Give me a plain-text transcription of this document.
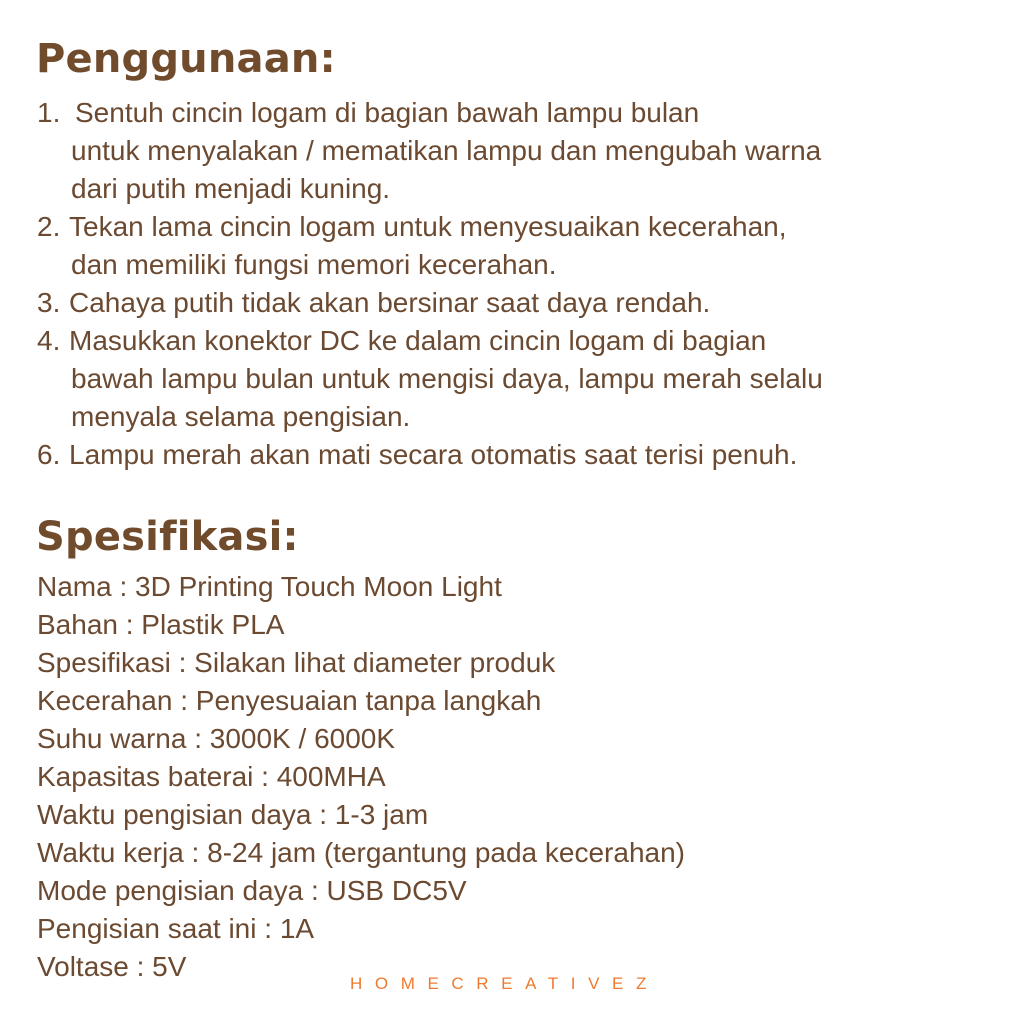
Penggunaan:
1. Sentuh cincin logam di bagian bawah lampu bulan
untuk menyalakan / mematikan lampu dan mengubah warna
dari putih menjadi kuning.
2. Tekan lama cincin logam untuk menyesuaikan kecerahan,
dan memiliki fungsi memori kecerahan.
3. Cahaya putih tidak akan bersinar saat daya rendah.
4. Masukkan konektor DC ke dalam cincin logam di bagian
bawah lampu bulan untuk mengisi daya, lampu merah selalu
menyala selama pengisian.
6. Lampu merah akan mati secara otomatis saat terisi penuh.
Spesifikasi:
Nama : 3D Printing Touch Moon Light
Bahan : Plastik PLA
Spesifikasi : Silakan lihat diameter produk
Kecerahan : Penyesuaian tanpa langkah
Suhu warna : 3000K / 6000K
Kapasitas baterai : 400MHA
Waktu pengisian daya : 1-3 jam
Waktu kerja : 8-24 jam (tergantung pada kecerahan)
Mode pengisian daya : USB DC5V
Pengisian saat ini : 1A
Voltase : 5V
HOMECREATIVEZ
